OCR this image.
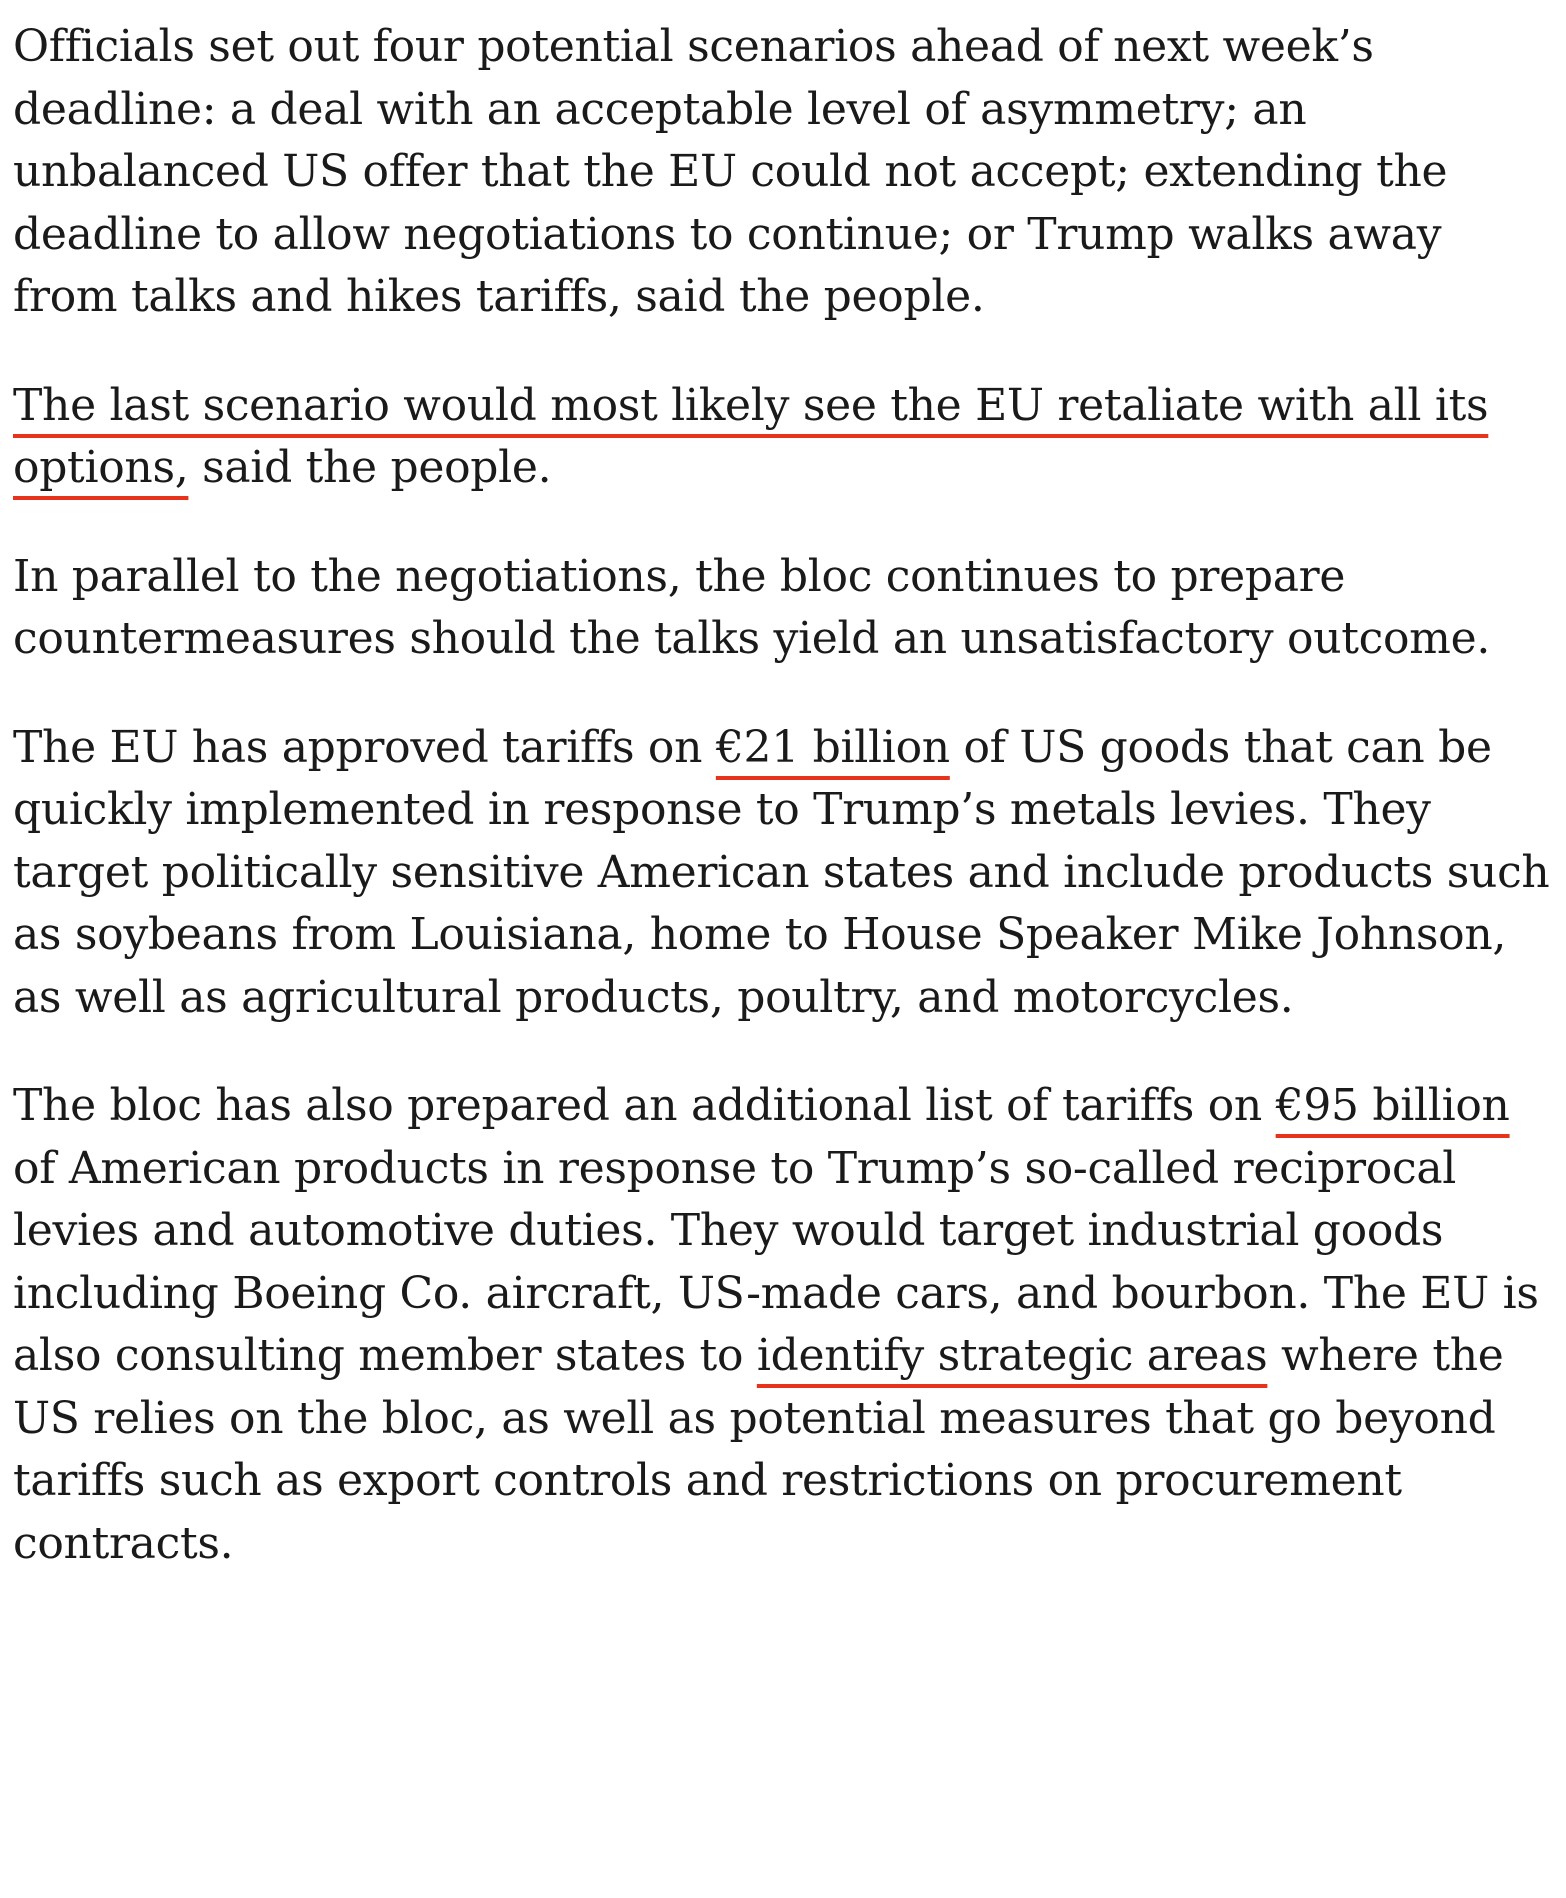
Officials set out four potential scenarios ahead of next week’s deadline: a deal with an acceptable level of asymmetry; an unbalanced US offer that the EU could not accept; extending the deadline to allow negotiations to continue; or Trump walks away from talks and hikes tariffs, said the people.

The last scenario would most likely see the EU retaliate with all its options, said the people.

In parallel to the negotiations, the bloc continues to prepare countermeasures should the talks yield an unsatisfactory outcome.

The EU has approved tariffs on €21 billion of US goods that can be quickly implemented in response to Trump’s metals levies. They target politically sensitive American states and include products such as soybeans from Louisiana, home to House Speaker Mike Johnson, as well as agricultural products, poultry, and motorcycles.

The bloc has also prepared an additional list of tariffs on €95 billion of American products in response to Trump’s so-called reciprocal levies and automotive duties. They would target industrial goods including Boeing Co. aircraft, US-made cars, and bourbon. The EU is also consulting member states to identify strategic areas where the US relies on the bloc, as well as potential measures that go beyond tariffs such as export controls and restrictions on procurement contracts.
